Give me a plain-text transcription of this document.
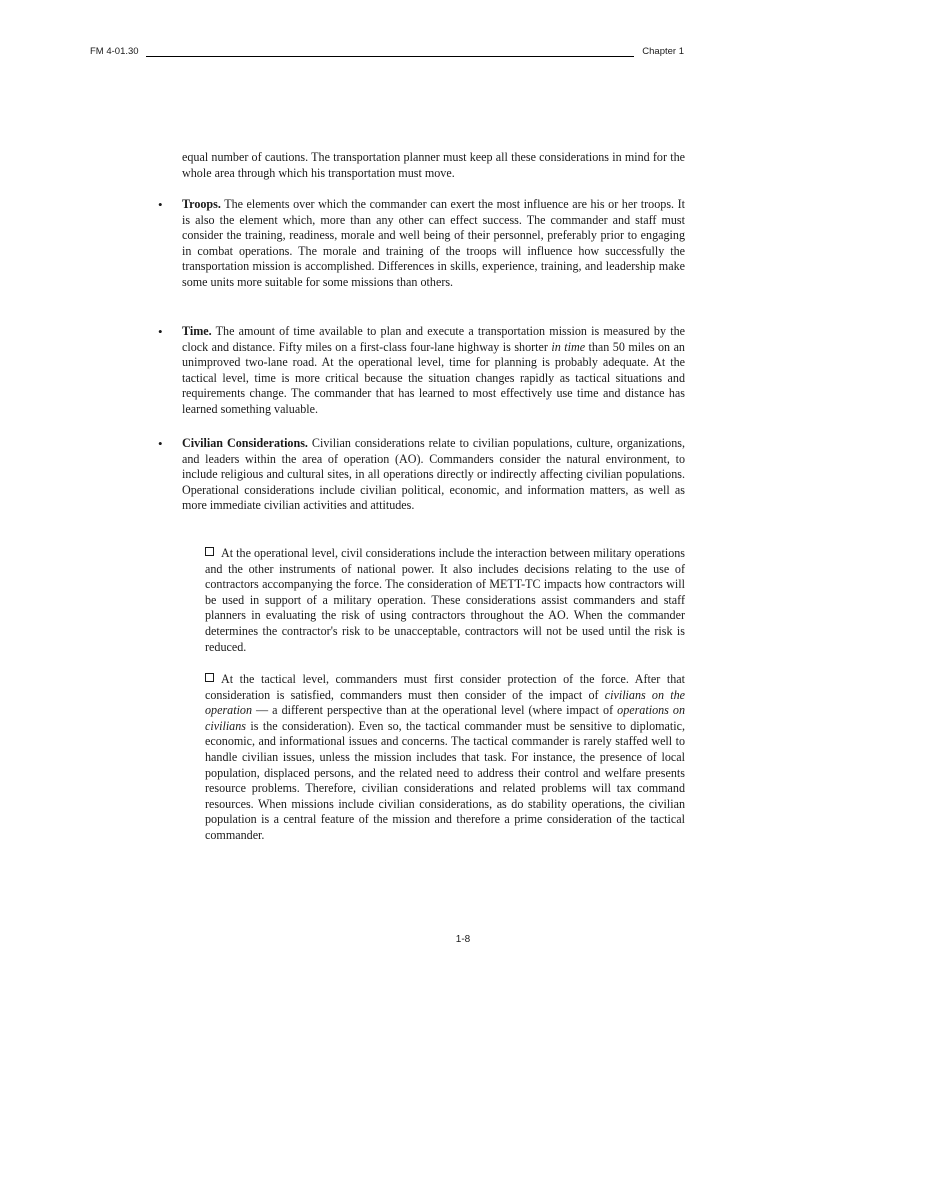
FM 4-01.30	Chapter 1

equal number of cautions. The transportation planner must keep all these considerations in mind for the whole area through which his transportation must move.

• Troops. The elements over which the commander can exert the most influence are his or her troops. It is also the element which, more than any other can effect success. The commander and staff must consider the training, readiness, morale and well being of their personnel, preferably prior to engaging in combat operations. The morale and training of the troops will influence how successfully the transportation mission is accomplished. Differences in skills, experience, training, and leadership make some units more suitable for some missions than others.
• Time. The amount of time available to plan and execute a transportation mission is measured by the clock and distance. Fifty miles on a first-class four-lane highway is shorter in time than 50 miles on an unimproved two-lane road. At the operational level, time for planning is probably adequate. At the tactical level, time is more critical because the situation changes rapidly as tactical situations and requirements change. The commander that has learned to most effectively use time and distance has learned something valuable.
• Civilian Considerations. Civilian considerations relate to civilian populations, culture, organizations, and leaders within the area of operation (AO). Commanders consider the natural environment, to include religious and cultural sites, in all operations directly or indirectly affecting civilian populations. Operational considerations include civilian political, economic, and information matters, as well as more immediate civilian activities and attitudes.
At the operational level, civil considerations include the interaction between military operations and the other instruments of national power. It also includes decisions relating to the use of contractors accompanying the force. The consideration of METT-TC impacts how contractors will be used in support of a military operation. These considerations assist commanders and staff planners in evaluating the risk of using contractors throughout the AO. When the commander determines the contractor's risk to be unacceptable, contractors will not be used until the risk is reduced.
At the tactical level, commanders must first consider protection of the force. After that consideration is satisfied, commanders must then consider of the impact of civilians on the operation — a different perspective than at the operational level (where impact of operations on civilians is the consideration). Even so, the tactical commander must be sensitive to diplomatic, economic, and informational issues and concerns. The tactical commander is rarely staffed well to handle civilian issues, unless the mission includes that task. For instance, the presence of local population, displaced persons, and the related need to address their control and welfare presents resource problems. Therefore, civilian considerations and related problems will tax command resources. When missions include civilian considerations, as do stability operations, the civilian population is a central feature of the mission and therefore a prime consideration of the tactical commander.
1-8
